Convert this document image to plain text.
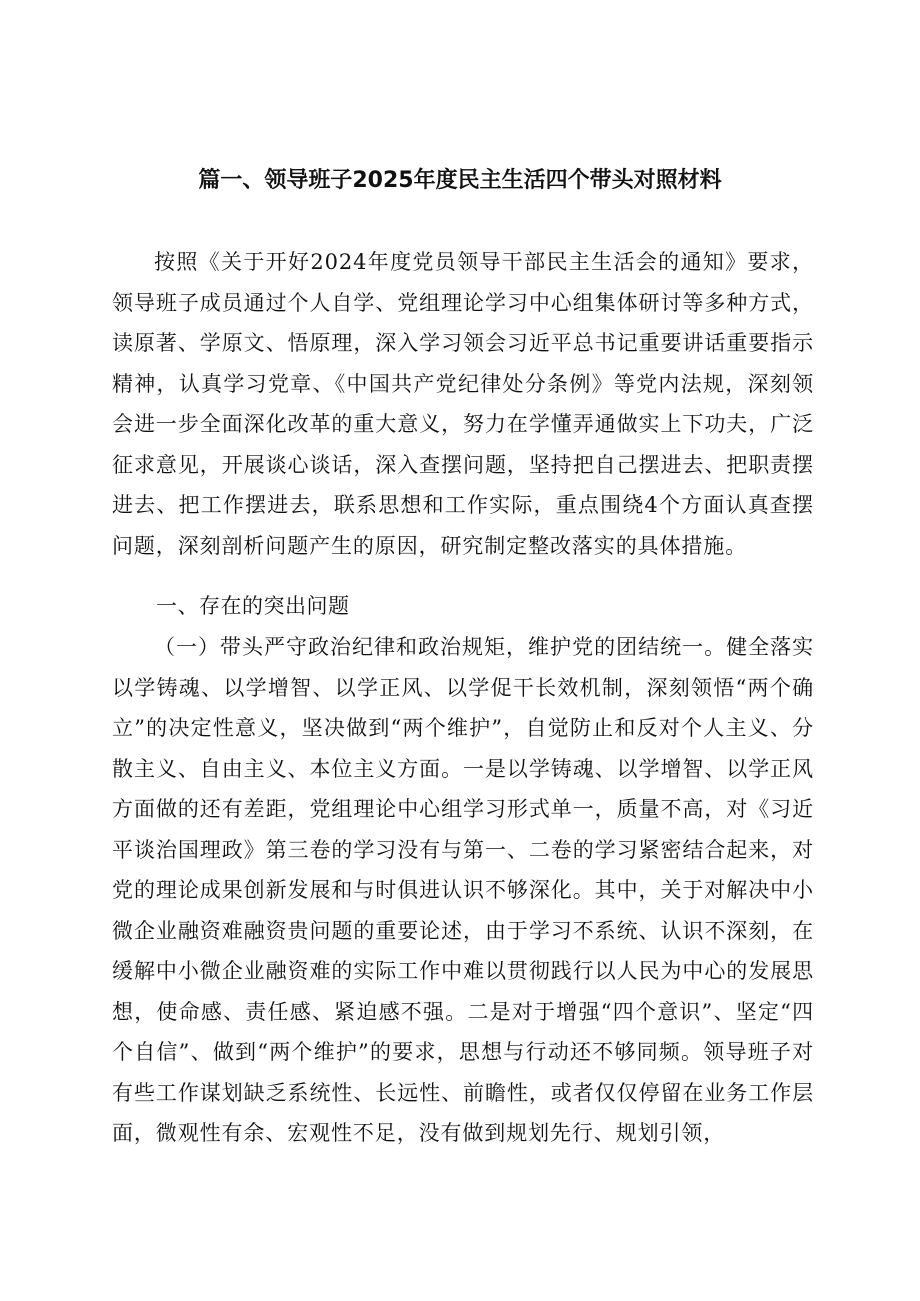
篇一、领导班子2025年度民主生活四个带头对照材料

按照《关于开好2024年度党员领导干部民主生活会的通知》要求，领导班子成员通过个人自学、党组理论学习中心组集体研讨等多种方式，读原著、学原文、悟原理，深入学习领会习近平总书记重要讲话重要指示精神，认真学习党章、《中国共产党纪律处分条例》等党内法规，深刻领会进一步全面深化改革的重大意义，努力在学懂弄通做实上下功夫，广泛征求意见，开展谈心谈话，深入查摆问题，坚持把自己摆进去、把职责摆进去、把工作摆进去，联系思想和工作实际，重点围绕4个方面认真查摆问题，深刻剖析问题产生的原因，研究制定整改落实的具体措施。

一、存在的突出问题

（一）带头严守政治纪律和政治规矩，维护党的团结统一。健全落实以学铸魂、以学增智、以学正风、以学促干长效机制，深刻领悟“两个确立”的决定性意义，坚决做到“两个维护”，自觉防止和反对个人主义、分散主义、自由主义、本位主义方面。一是以学铸魂、以学增智、以学正风方面做的还有差距，党组理论中心组学习形式单一，质量不高，对《习近平谈治国理政》第三卷的学习没有与第一、二卷的学习紧密结合起来，对党的理论成果创新发展和与时俱进认识不够深化。其中，关于对解决中小微企业融资难融资贵问题的重要论述，由于学习不系统、认识不深刻，在缓解中小微企业融资难的实际工作中难以贯彻践行以人民为中心的发展思想，使命感、责任感、紧迫感不强。二是对于增强“四个意识”、坚定“四个自信”、做到“两个维护”的要求，思想与行动还不够同频。领导班子对有些工作谋划缺乏系统性、长远性、前瞻性，或者仅仅停留在业务工作层面，微观性有余、宏观性不足，没有做到规划先行、规划引领，
